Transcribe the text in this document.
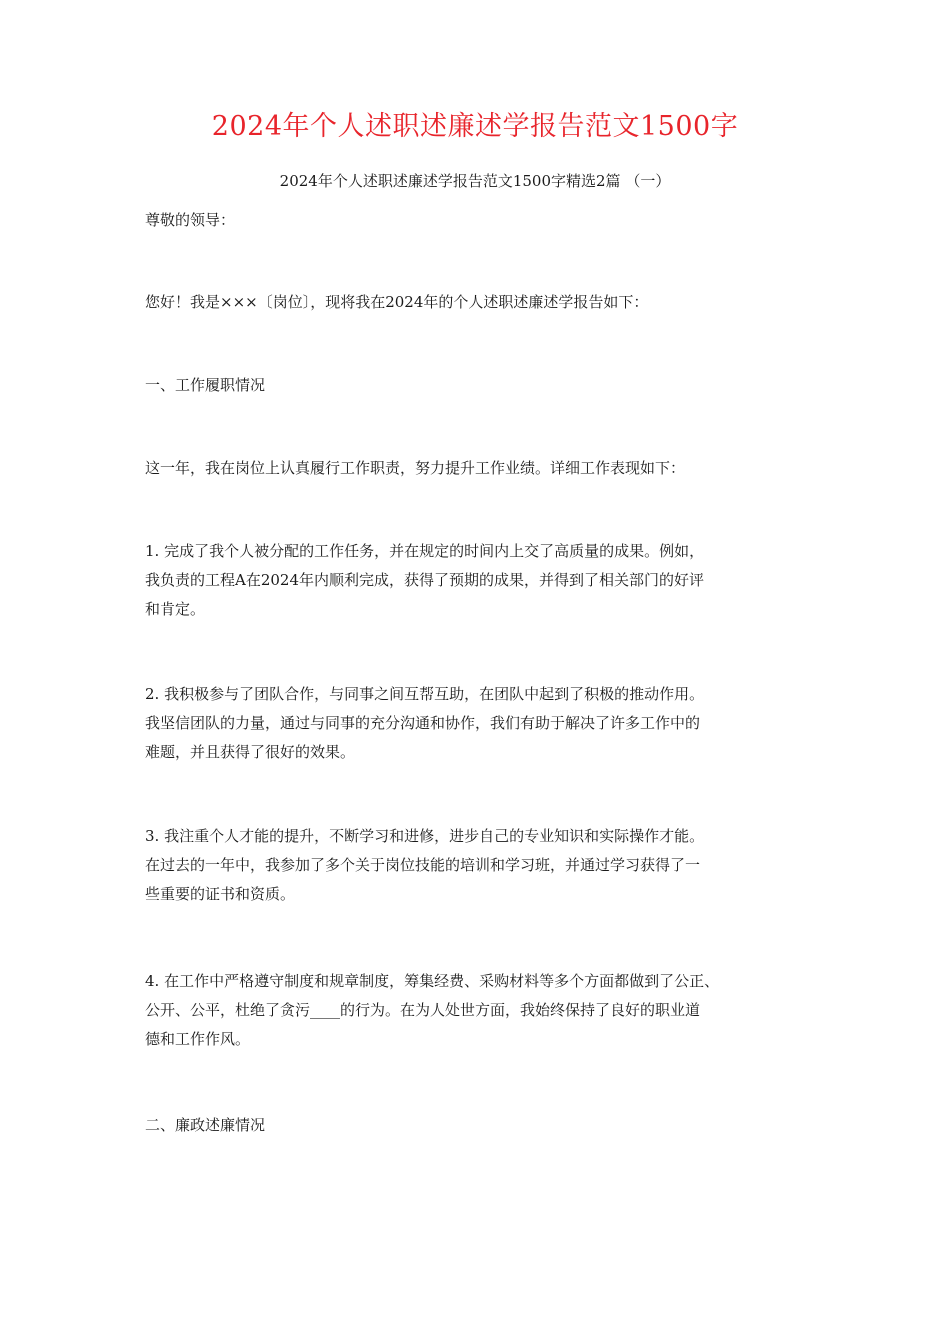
2024年个人述职述廉述学报告范文1500字
2024年个人述职述廉述学报告范文1500字精选2篇 （一）
尊敬的领导：
您好！我是×××〔岗位〕，现将我在2024年的个人述职述廉述学报告如下：
一、工作履职情况
这一年，我在岗位上认真履行工作职责，努力提升工作业绩。详细工作表现如下：
1. 完成了我个人被分配的工作任务，并在规定的时间内上交了高质量的成果。例如，
我负责的工程A在2024年内顺利完成，获得了预期的成果，并得到了相关部门的好评
和肯定。
2. 我积极参与了团队合作，与同事之间互帮互助，在团队中起到了积极的推动作用。
我坚信团队的力量，通过与同事的充分沟通和协作，我们有助于解决了许多工作中的
难题，并且获得了很好的效果。
3. 我注重个人才能的提升，不断学习和进修，进步自己的专业知识和实际操作才能。
在过去的一年中，我参加了多个关于岗位技能的培训和学习班，并通过学习获得了一
些重要的证书和资质。
4. 在工作中严格遵守制度和规章制度，筹集经费、采购材料等多个方面都做到了公正、
公开、公平，杜绝了贪污____的行为。在为人处世方面，我始终保持了良好的职业道
德和工作作风。
二、廉政述廉情况
